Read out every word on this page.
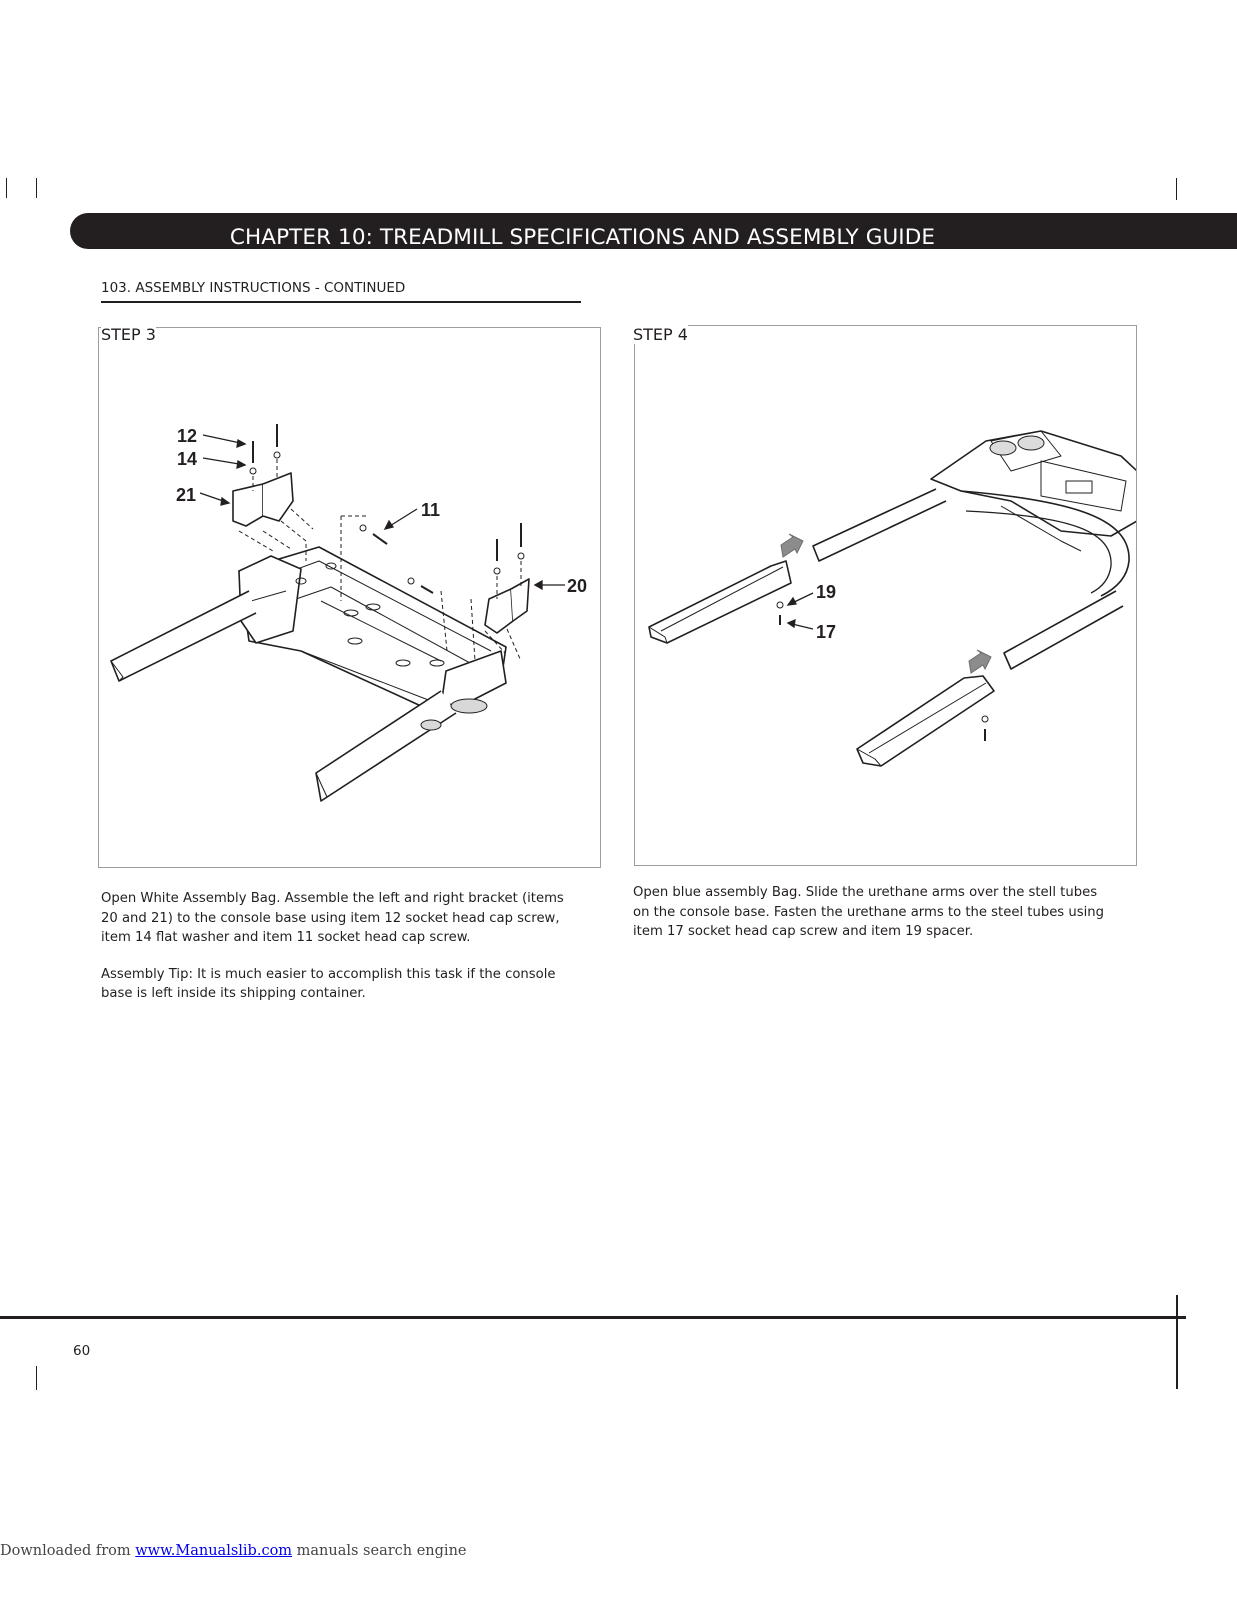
CHAPTER 10: TREADMILL SPECIFICATIONS AND ASSEMBLY GUIDE
103. ASSEMBLY INSTRUCTIONS - CONTINUED
12
14
21
11
20
STEP 3
19
17
STEP 4

Open White Assembly Bag. Assemble the left and right bracket (items 20 and 21) to the console base using item 12 socket head cap screw, item 14 flat washer and item 11 socket head cap screw.

Assembly Tip: It is much easier to accomplish this task if the console base is left inside its shipping container.

Open blue assembly Bag. Slide the urethane arms over the stell tubes on the console base. Fasten the urethane arms to the steel tubes using item 17 socket head cap screw and item 19 spacer.

60
Downloaded from www.Manualslib.com manuals search engine
